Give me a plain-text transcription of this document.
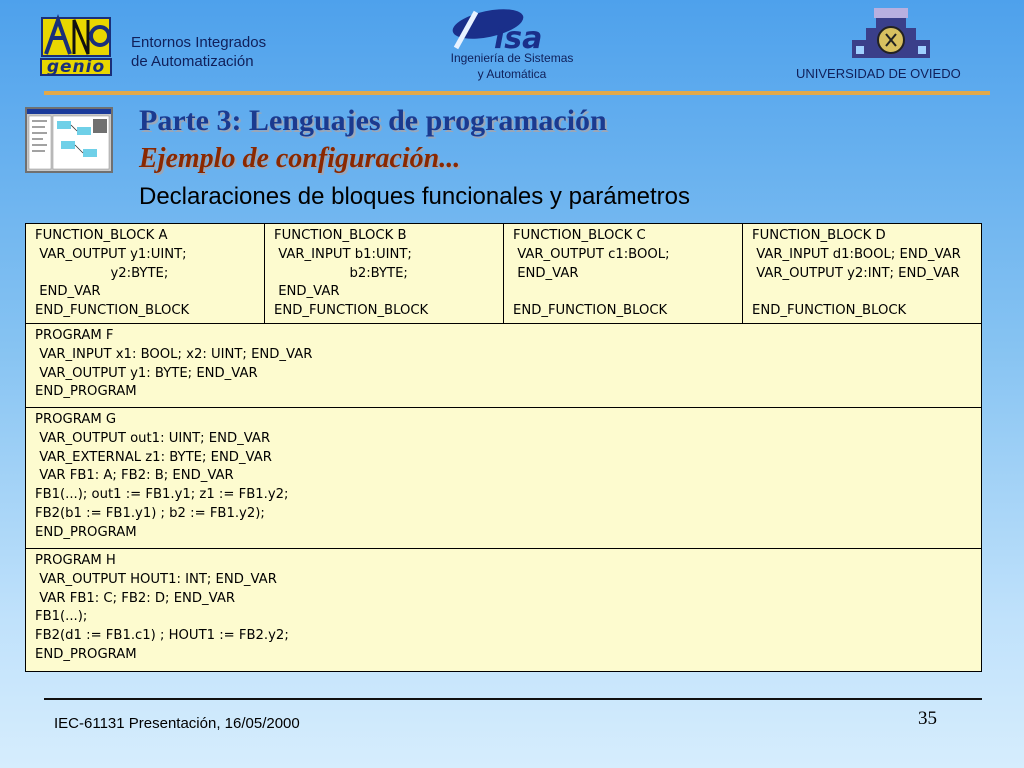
genio
Entornos Integrados
de Automatización
isa
Ingeniería de Sistemas
y Automática	UNIVERSIDAD DE OVIEDO
Parte 3: Lenguajes de programación
Ejemplo de configuración...
Declaraciones de bloques funcionales y parámetros
FUNCTION_BLOCK A
VAR_OUTPUT y1:UINT;
y2:BYTE;
END_VAR
END_FUNCTION_BLOCK	FUNCTION_BLOCK B
VAR_INPUT b1:UINT;
b2:BYTE;
END_VAR
END_FUNCTION_BLOCK	FUNCTION_BLOCK C
VAR_OUTPUT c1:BOOL;
END_VAR

END_FUNCTION_BLOCK	FUNCTION_BLOCK D
VAR_INPUT d1:BOOL; END_VAR
VAR_OUTPUT y2:INT; END_VAR

END_FUNCTION_BLOCK
PROGRAM F
VAR_INPUT x1: BOOL; x2: UINT; END_VAR
VAR_OUTPUT y1: BYTE; END_VAR
END_PROGRAM
PROGRAM G
VAR_OUTPUT out1: UINT; END_VAR
VAR_EXTERNAL z1: BYTE; END_VAR
VAR FB1: A; FB2: B; END_VAR
FB1(...); out1 := FB1.y1; z1 := FB1.y2;
FB2(b1 := FB1.y1) ; b2 := FB1.y2);
END_PROGRAM
PROGRAM H
VAR_OUTPUT HOUT1: INT; END_VAR
VAR FB1: C; FB2: D; END_VAR
FB1(...);
FB2(d1 := FB1.c1) ; HOUT1 := FB2.y2;
END_PROGRAM
IEC-61131 Presentación, 16/05/2000	35
